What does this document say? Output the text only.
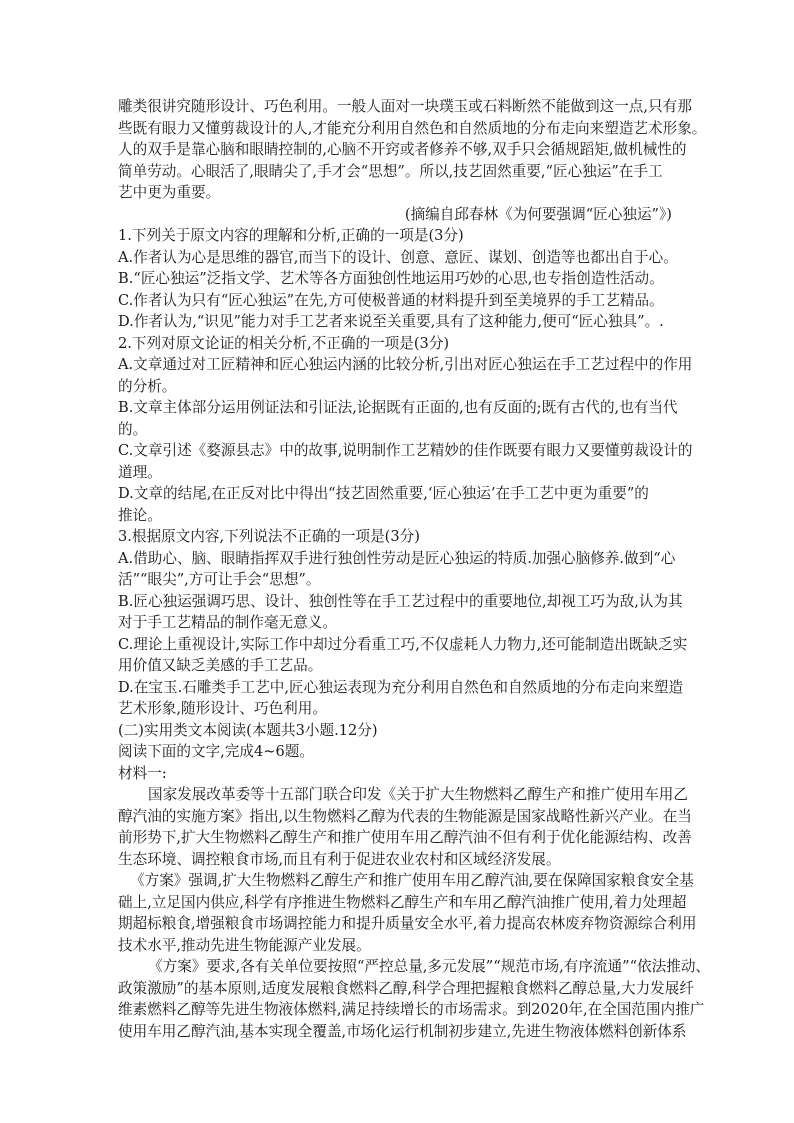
雕类很讲究随形设计、巧色利用。一般人面对一块璞玉或石料断然不能做到这一点,只有那
些既有眼力又懂剪裁设计的人,才能充分利用自然色和自然质地的分布走向来塑造艺术形象。
人的双手是靠心脑和眼睛控制的,心脑不开窍或者修养不够,双手只会循规蹈矩,做机械性的
简单劳动。心眼活了,眼睛尖了,手才会“思想”。所以,技艺固然重要,“匠心独运”在手工
艺中更为重要。
(摘编自邱春林《为何要强调“匠心独运”》)
1.下列关于原文内容的理解和分析,正确的一项是(3分)
A.作者认为心是思维的器官,而当下的设计、创意、意匠、谋划、创造等也都出自于心。
B.“匠心独运”泛指文学、艺术等各方面独创性地运用巧妙的心思,也专指创造性活动。
C.作者认为只有“匠心独运”在先,方可使极普通的材料提升到至美境界的手工艺精品。
D.作者认为,“识见”能力对手工艺者来说至关重要,具有了这种能力,便可“匠心独具”。.
2.下列对原文论证的相关分析,不正确的一项是(3分)
A.文章通过对工匠精神和匠心独运内涵的比较分析,引出对匠心独运在手工艺过程中的作用
的分析。
B.文章主体部分运用例证法和引证法,论据既有正面的,也有反面的;既有古代的,也有当代
的。
C.文章引述《婺源县志》中的故事,说明制作工艺精妙的佳作既要有眼力又要懂剪裁设计的
道理。
D.文章的结尾,在正反对比中得出“技艺固然重要,‘匠心独运’在手工艺中更为重要”的
推论。
3.根据原文内容,下列说法不正确的一项是(3分)
A.借助心、脑、眼睛指挥双手进行独创性劳动是匠心独运的特质.加强心脑修养.做到“心
活”“眼尖”,方可让手会“思想”。
B.匠心独运强调巧思、设计、独创性等在手工艺过程中的重要地位,却视工巧为敌,认为其
对于手工艺精品的制作毫无意义。
C.理论上重视设计,实际工作中却过分看重工巧,不仅虚耗人力物力,还可能制造出既缺乏实
用价值又缺乏美感的手工艺品。
D.在宝玉.石雕类手工艺中,匠心独运表现为充分利用自然色和自然质地的分布走向来塑造
艺术形象,随形设计、巧色利用。
(二)实用类文本阅读(本题共3小题.12分)
阅读下面的文字,完成4~6题。
材料一:
国家发展改革委等十五部门联合印发《关于扩大生物燃料乙醇生产和推广使用车用乙
醇汽油的实施方案》指出,以生物燃料乙醇为代表的生物能源是国家战略性新兴产业。在当
前形势下,扩大生物燃料乙醇生产和推广使用车用乙醇汽油不但有利于优化能源结构、改善
生态环境、调控粮食市场,而且有利于促进农业农村和区域经济发展。
《方案》强调,扩大生物燃料乙醇生产和推广使用车用乙醇汽油,要在保障国家粮食安全基
础上,立足国内供应,科学有序推进生物燃料乙醇生产和车用乙醇汽油推广使用,着力处理超
期超标粮食,增强粮食市场调控能力和提升质量安全水平,着力提高农林废弃物资源综合利用
技术水平,推动先进生物能源产业发展。
《方案》要求,各有关单位要按照“严控总量,多元发展”“规范市场,有序流通”“依法推动、
政策激励”的基本原则,适度发展粮食燃料乙醇,科学合理把握粮食燃料乙醇总量,大力发展纤
维素燃料乙醇等先进生物液体燃料,满足持续增长的市场需求。到2020年,在全国范围内推广
使用车用乙醇汽油,基本实现全覆盖,市场化运行机制初步建立,先进生物液体燃料创新体系
